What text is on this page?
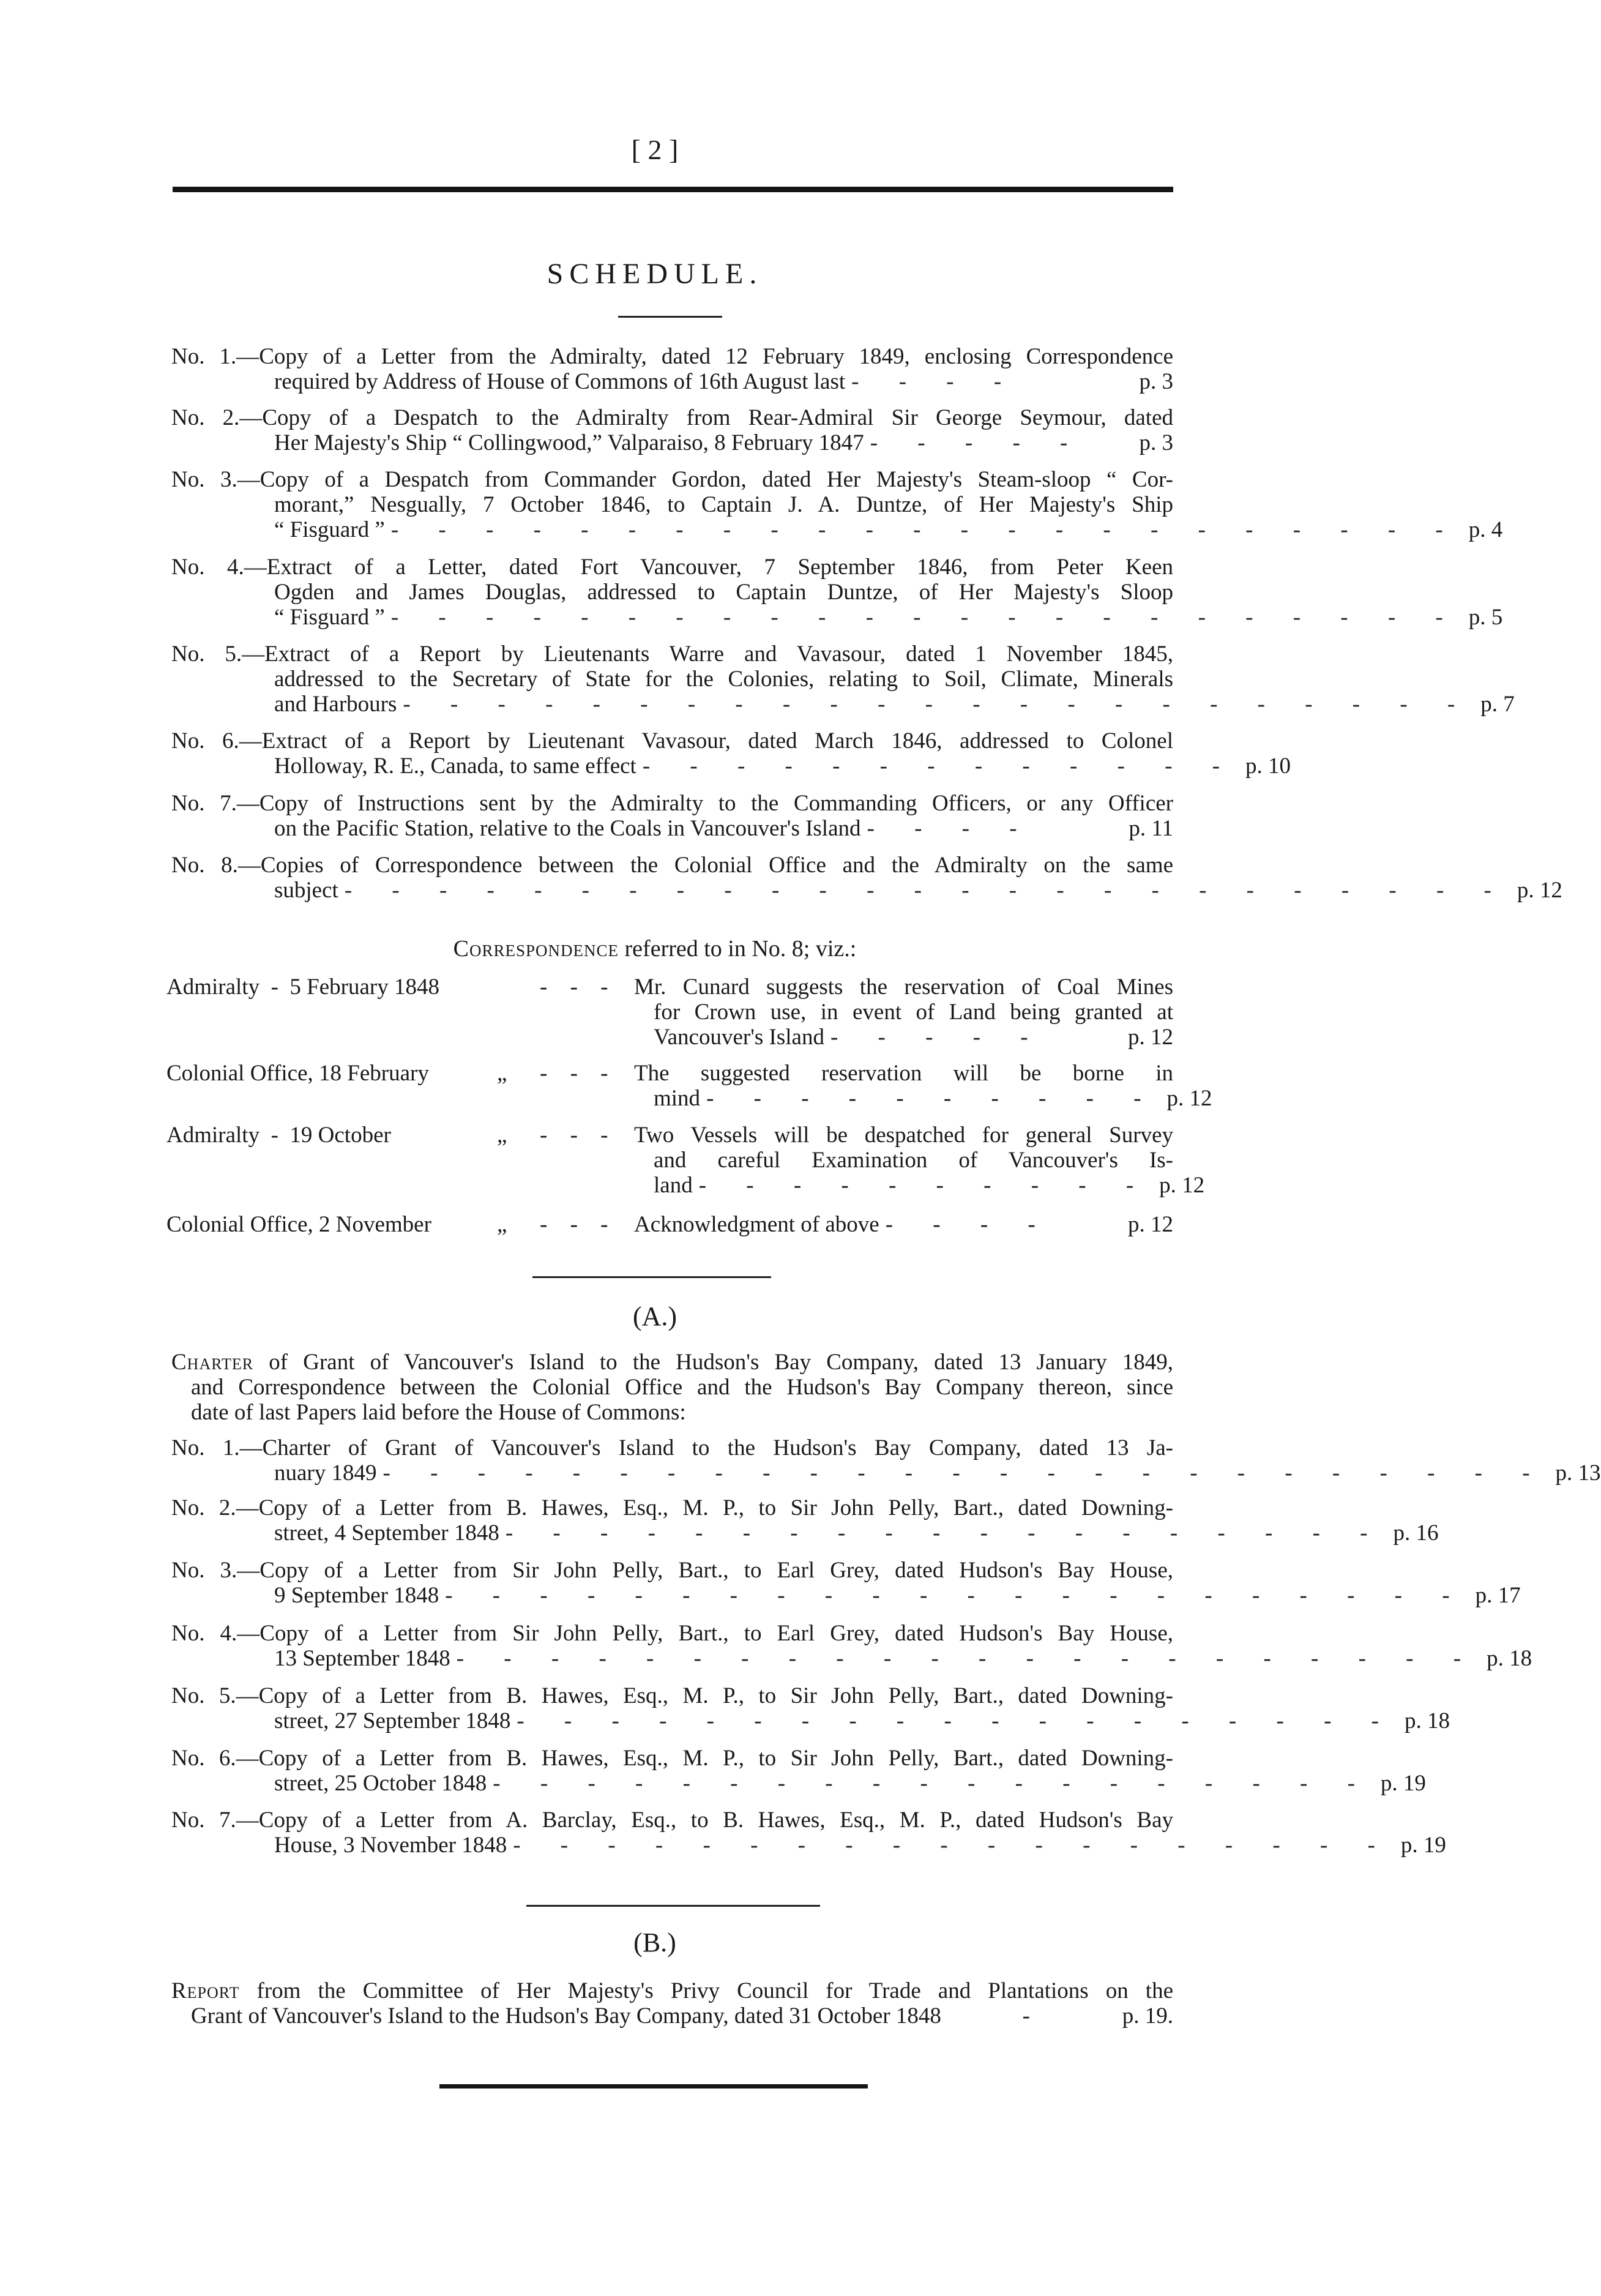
[ 2 ]
SCHEDULE.
No. 1.—Copy of a Letter from the Admiralty, dated 12 February 1849, enclosing Correspondence
required by Address of House of Commons of 16th August last - - - -	p. 3
No. 2.—Copy of a Despatch to the Admiralty from Rear-Admiral Sir George Seymour, dated
Her Majesty's Ship “ Collingwood,” Valparaiso, 8 February 1847 - - - - -	p. 3
No. 3.—Copy of a Despatch from Commander Gordon, dated Her Majesty's Steam-sloop “ Cor-
morant,” Nesgually, 7 October 1846, to Captain J. A. Duntze, of Her Majesty's Ship
“ Fisguard ” - - - - - - - - - - - - - - - - - - - - - - - p. 4
No. 4.—Extract of a Letter, dated Fort Vancouver, 7 September 1846, from Peter Keen
Ogden and James Douglas, addressed to Captain Duntze, of Her Majesty's Sloop
“ Fisguard ” - - - - - - - - - - - - - - - - - - - - - - - p. 5
No. 5.—Extract of a Report by Lieutenants Warre and Vavasour, dated 1 November 1845,
addressed to the Secretary of State for the Colonies, relating to Soil, Climate, Minerals
and Harbours - - - - - - - - - - - - - - - - - - - - - - - p. 7
No. 6.—Extract of a Report by Lieutenant Vavasour, dated March 1846, addressed to Colonel
Holloway, R. E., Canada, to same effect - - - - - - - - - - - - - p. 10
No. 7.—Copy of Instructions sent by the Admiralty to the Commanding Officers, or any Officer
on the Pacific Station, relative to the Coals in Vancouver's Island - - - -	p. 11
No. 8.—Copies of Correspondence between the Colonial Office and the Admiralty on the same
subject - - - - - - - - - - - - - - - - - - - - - - - - - p. 12
Correspondence referred to in No. 8; viz.:
Admiralty  -  5 February 1848	- - - Mr. Cunard suggests the reservation of Coal Mines
for Crown use, in event of Land being granted at
Vancouver's Island - - - - -	p. 12
Colonial Office, 18 February	„ - - - The suggested reservation will be borne in
mind - - - - - - - - - - p. 12
Admiralty  -  19 October	„ - - - Two Vessels will be despatched for general Survey
and careful Examination of Vancouver's Is-
land - - - - - - - - - - p. 12
Colonial Office, 2 November	„ - - - Acknowledgment of above - - - -	p. 12
(A.)
Charter of Grant of Vancouver's Island to the Hudson's Bay Company, dated 13 January 1849,
and Correspondence between the Colonial Office and the Hudson's Bay Company thereon, since
date of last Papers laid before the House of Commons:
No. 1.—Charter of Grant of Vancouver's Island to the Hudson's Bay Company, dated 13 Ja-
nuary 1849 - - - - - - - - - - - - - - - - - - - - - - - - - p. 13
No. 2.—Copy of a Letter from B. Hawes, Esq., M. P., to Sir John Pelly, Bart., dated Downing-
street, 4 September 1848 - - - - - - - - - - - - - - - - - - - p. 16
No. 3.—Copy of a Letter from Sir John Pelly, Bart., to Earl Grey, dated Hudson's Bay House,
9 September 1848 - - - - - - - - - - - - - - - - - - - - - - p. 17
No. 4.—Copy of a Letter from Sir John Pelly, Bart., to Earl Grey, dated Hudson's Bay House,
13 September 1848 - - - - - - - - - - - - - - - - - - - - - - p. 18
No. 5.—Copy of a Letter from B. Hawes, Esq., M. P., to Sir John Pelly, Bart., dated Downing-
street, 27 September 1848 - - - - - - - - - - - - - - - - - - - p. 18
No. 6.—Copy of a Letter from B. Hawes, Esq., M. P., to Sir John Pelly, Bart., dated Downing-
street, 25 October 1848 - - - - - - - - - - - - - - - - - - - p. 19
No. 7.—Copy of a Letter from A. Barclay, Esq., to B. Hawes, Esq., M. P., dated Hudson's Bay
House, 3 November 1848 - - - - - - - - - - - - - - - - - - - p. 19
(B.)
Report from the Committee of Her Majesty's Privy Council for Trade and Plantations on the
Grant of Vancouver's Island to the Hudson's Bay Company, dated 31 October 1848	-	p. 19.
